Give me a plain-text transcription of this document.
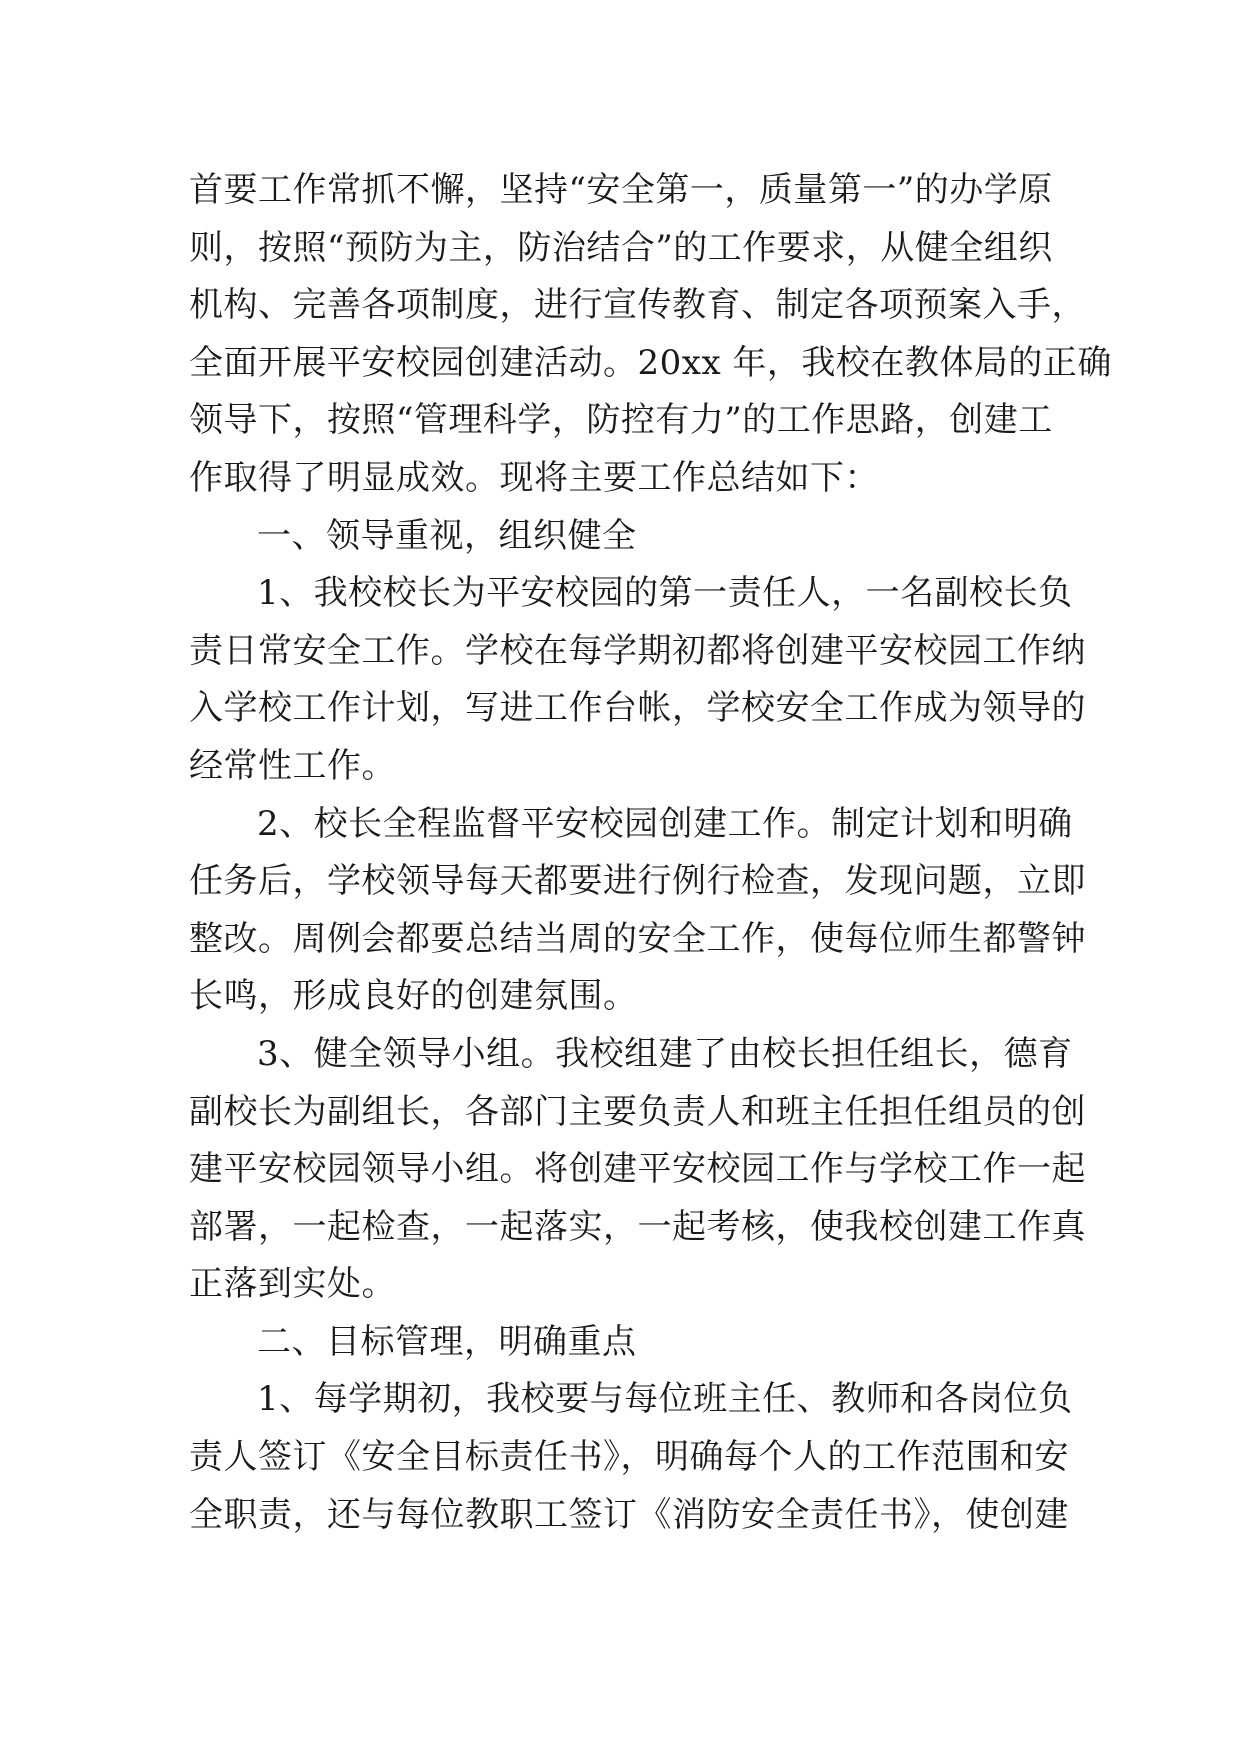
首要工作常抓不懈，坚持“安全第一，质量第一”的办学原
则，按照“预防为主，防治结合”的工作要求，从健全组织
机构、完善各项制度，进行宣传教育、制定各项预案入手，
全面开展平安校园创建活动。20xx 年，我校在教体局的正确
领导下，按照“管理科学，防控有力”的工作思路，创建工
作取得了明显成效。现将主要工作总结如下：
一、领导重视，组织健全
1、我校校长为平安校园的第一责任人，一名副校长负
责日常安全工作。学校在每学期初都将创建平安校园工作纳
入学校工作计划，写进工作台帐，学校安全工作成为领导的
经常性工作。
2、校长全程监督平安校园创建工作。制定计划和明确
任务后，学校领导每天都要进行例行检查，发现问题，立即
整改。周例会都要总结当周的安全工作，使每位师生都警钟
长鸣，形成良好的创建氛围。
3、健全领导小组。我校组建了由校长担任组长，德育
副校长为副组长，各部门主要负责人和班主任担任组员的创
建平安校园领导小组。将创建平安校园工作与学校工作一起
部署，一起检查，一起落实，一起考核，使我校创建工作真
正落到实处。
二、目标管理，明确重点
1、每学期初，我校要与每位班主任、教师和各岗位负
责人签订《安全目标责任书》，明确每个人的工作范围和安
全职责，还与每位教职工签订《消防安全责任书》，使创建
